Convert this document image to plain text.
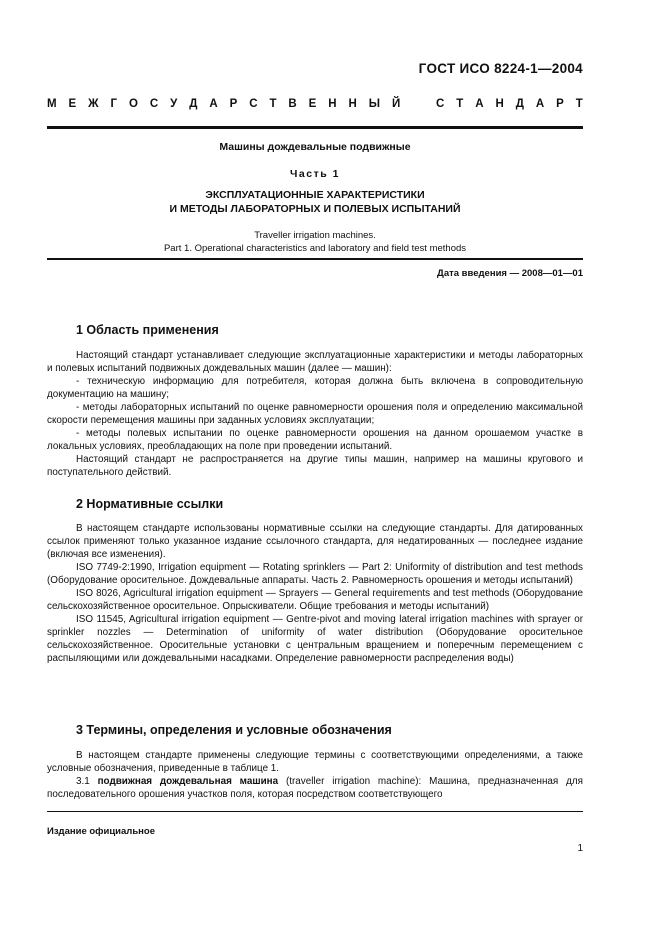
ГОСТ ИСО 8224-1—2004
М Е Ж Г О С У Д А Р С Т В Е Н Н Ы Й	С Т А Н Д А Р Т
Машины дождевальные подвижные
Часть 1
ЭКСПЛУАТАЦИОННЫЕ ХАРАКТЕРИСТИКИ
И МЕТОДЫ ЛАБОРАТОРНЫХ И ПОЛЕВЫХ ИСПЫТАНИЙ
Traveller irrigation machines.
Part 1. Operational characteristics and laboratory and field test methods
Дата введения — 2008—01—01
1 Область применения

Настоящий стандарт устанавливает следующие эксплуатационные характеристики и методы лабораторных и полевых испытаний подвижных дождевальных машин (далее — машин):

- техническую информацию для потребителя, которая должна быть включена в сопроводительную документацию на машину;

- методы лабораторных испытаний по оценке равномерности орошения поля и определению максимальной скорости перемещения машины при заданных условиях эксплуатации;

- методы полевых испытании по оценке равномерности орошения на данном орошаемом участке в локальных условиях, преобладающих на поле при проведении испытаний.

Настоящий стандарт не распространяется на другие типы машин, например на машины кругового и поступательного действий.

2 Нормативные ссылки

В настоящем стандарте использованы нормативные ссылки на следующие стандарты. Для датированных ссылок применяют только указанное издание ссылочного стандарта, для недатированных — последнее издание (включая все изменения).

ISO 7749-2:1990, Irrigation equipment — Rotating sprinklers — Part 2: Uniformity of distribution and test methods (Оборудование оросительное. Дождевальные аппараты. Часть 2. Равномерность орошения и методы испытаний)

ISO 8026, Agricultural irrigation equipment — Sprayers — General requirements and test methods (Оборудование сельскохозяйственное оросительное. Опрыскиватели. Общие требования и методы испытаний)

ISO 11545, Agricultural irrigation equipment — Gentre-pivot and moving lateral irrigation machines with sprayer or sprinkler nozzles — Determination of uniformity of water distribution (Оборудование оросительное сельскохозяйственное. Оросительные установки с центральным вращением и поперечным перемещением с распыляющими или дождевальными насадками. Определение равномерности распределения воды)

3 Термины, определения и условные обозначения

В настоящем стандарте применены следующие термины с соответствующими определениями, а также условные обозначения, приведенные в таблице 1.

3.1 подвижная дождевальная машина (traveller irrigation machine): Машина, предназначенная для последовательного орошения участков поля, которая посредством соответствующего

Издание официальное
1
